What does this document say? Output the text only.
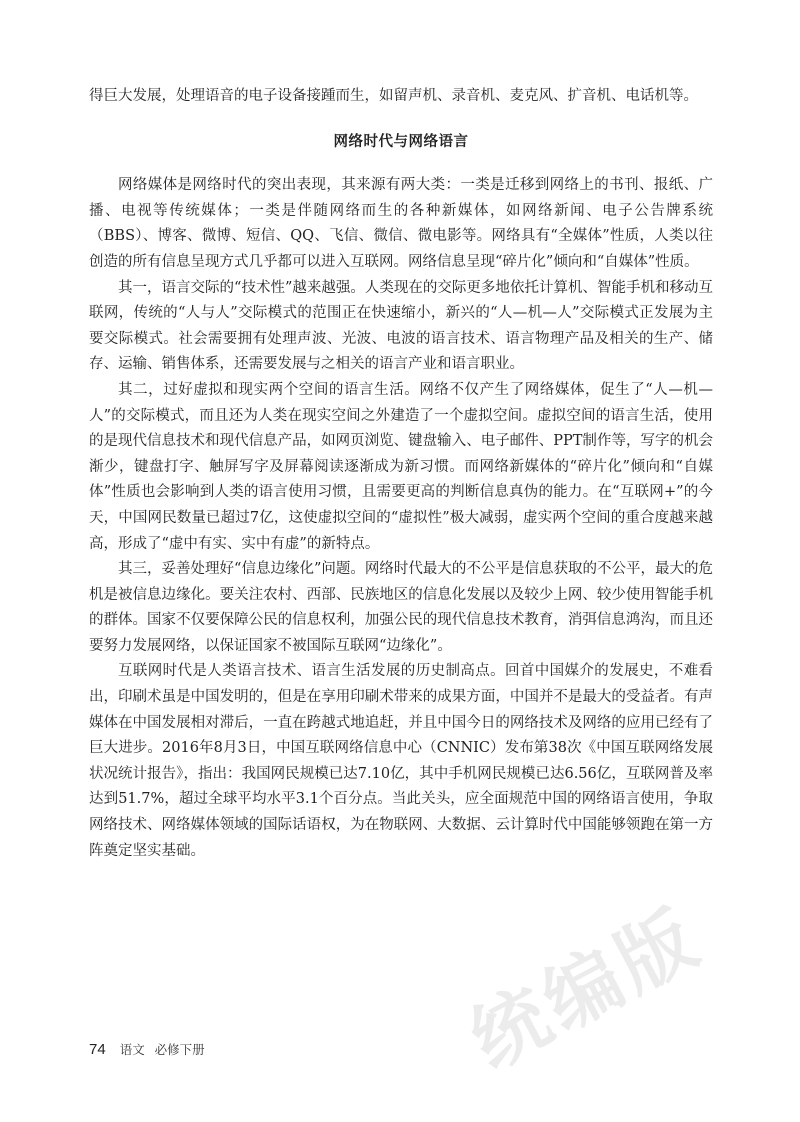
得巨大发展，处理语音的电子设备接踵而生，如留声机、录音机、麦克风、扩音机、电话机等。

网络时代与网络语言

网络媒体是网络时代的突出表现，其来源有两大类：一类是迁移到网络上的书刊、报纸、广播、电视等传统媒体；一类是伴随网络而生的各种新媒体，如网络新闻、电子公告牌系统（BBS）、博客、微博、短信、QQ、飞信、微信、微电影等。网络具有“全媒体”性质，人类以往创造的所有信息呈现方式几乎都可以进入互联网。网络信息呈现“碎片化”倾向和“自媒体”性质。

其一，语言交际的“技术性”越来越强。人类现在的交际更多地依托计算机、智能手机和移动互联网，传统的“人与人”交际模式的范围正在快速缩小，新兴的“人—机—人”交际模式正发展为主要交际模式。社会需要拥有处理声波、光波、电波的语言技术、语言物理产品及相关的生产、储存、运输、销售体系，还需要发展与之相关的语言产业和语言职业。

其二，过好虚拟和现实两个空间的语言生活。网络不仅产生了网络媒体，促生了“人—机—人”的交际模式，而且还为人类在现实空间之外建造了一个虚拟空间。虚拟空间的语言生活，使用的是现代信息技术和现代信息产品，如网页浏览、键盘输入、电子邮件、PPT制作等，写字的机会渐少，键盘打字、触屏写字及屏幕阅读逐渐成为新习惯。而网络新媒体的“碎片化”倾向和“自媒体”性质也会影响到人类的语言使用习惯，且需要更高的判断信息真伪的能力。在“互联网+”的今天，中国网民数量已超过7亿，这使虚拟空间的“虚拟性”极大减弱，虚实两个空间的重合度越来越高，形成了“虚中有实、实中有虚”的新特点。

其三，妥善处理好“信息边缘化”问题。网络时代最大的不公平是信息获取的不公平，最大的危机是被信息边缘化。要关注农村、西部、民族地区的信息化发展以及较少上网、较少使用智能手机的群体。国家不仅要保障公民的信息权利，加强公民的现代信息技术教育，消弭信息鸿沟，而且还要努力发展网络，以保证国家不被国际互联网“边缘化”。

互联网时代是人类语言技术、语言生活发展的历史制高点。回首中国媒介的发展史，不难看出，印刷术虽是中国发明的，但是在享用印刷术带来的成果方面，中国并不是最大的受益者。有声媒体在中国发展相对滞后，一直在跨越式地追赶，并且中国今日的网络技术及网络的应用已经有了巨大进步。2016年8月3日，中国互联网络信息中心（CNNIC）发布第38次《中国互联网络发展状况统计报告》，指出：我国网民规模已达7.10亿，其中手机网民规模已达6.56亿，互联网普及率达到51.7%，超过全球平均水平3.1个百分点。当此关头，应全面规范中国的网络语言使用，争取网络技术、网络媒体领域的国际话语权，为在物联网、大数据、云计算时代中国能够领跑在第一方阵奠定坚实基础。

统编版
74 语文 必修下册
